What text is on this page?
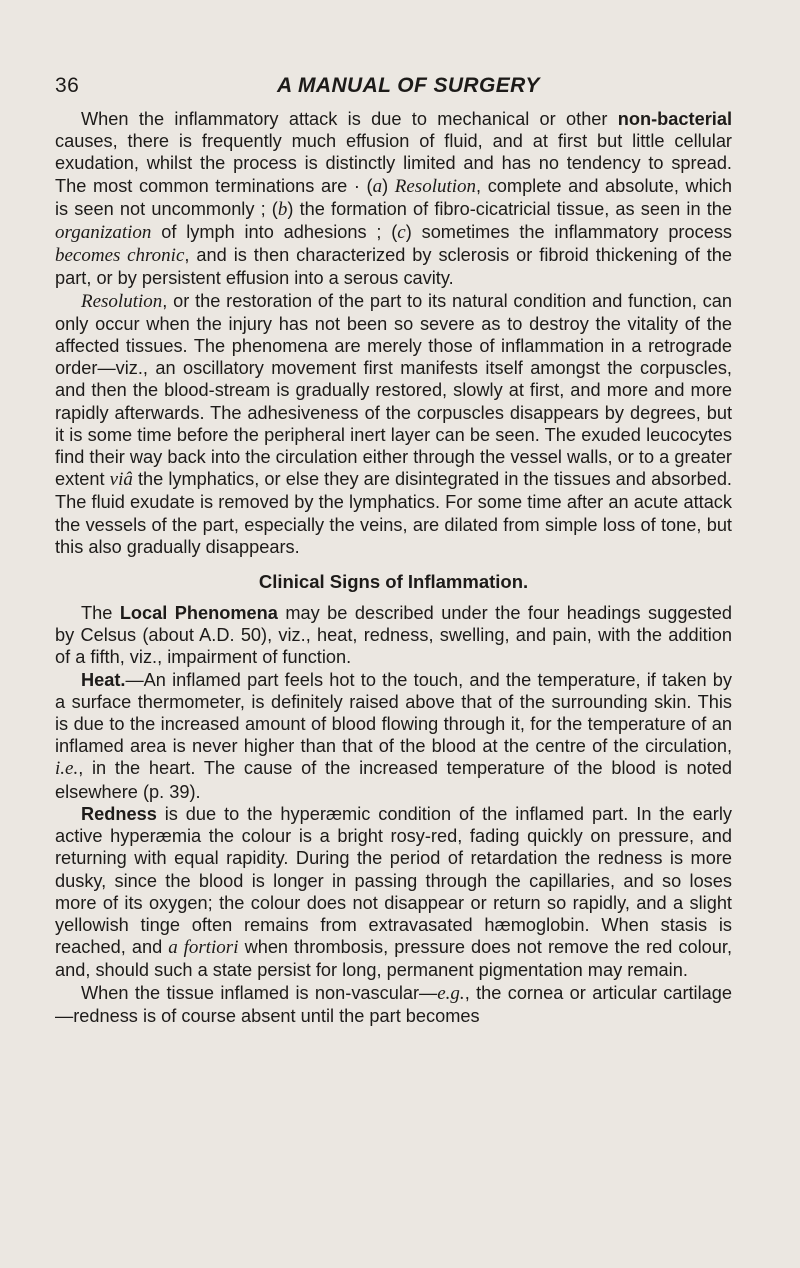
36	A MANUAL OF SURGERY

When the inflammatory attack is due to mechanical or other non-bacterial causes, there is frequently much effusion of fluid, and at first but little cellular exudation, whilst the process is distinctly limited and has no tendency to spread. The most common terminations are · (a) Resolution, complete and absolute, which is seen not uncommonly ; (b) the formation of fibro-cicatricial tissue, as seen in the organization of lymph into adhesions ; (c) sometimes the inflammatory process becomes chronic, and is then characterized by sclerosis or fibroid thickening of the part, or by persistent effusion into a serous cavity.

Resolution, or the restoration of the part to its natural condition and function, can only occur when the injury has not been so severe as to destroy the vitality of the affected tissues. The phenomena are merely those of inflammation in a retrograde order—viz., an oscillatory movement first manifests itself amongst the corpuscles, and then the blood-stream is gradually restored, slowly at first, and more and more rapidly afterwards. The adhesiveness of the corpuscles disappears by degrees, but it is some time before the peripheral inert layer can be seen. The exuded leucocytes find their way back into the circulation either through the vessel walls, or to a greater extent viâ the lymphatics, or else they are disintegrated in the tissues and absorbed. The fluid exudate is removed by the lymphatics. For some time after an acute attack the vessels of the part, especially the veins, are dilated from simple loss of tone, but this also gradually disappears.

Clinical Signs of Inflammation.

The Local Phenomena may be described under the four headings suggested by Celsus (about A.D. 50), viz., heat, redness, swelling, and pain, with the addition of a fifth, viz., impairment of function.

Heat.—An inflamed part feels hot to the touch, and the temperature, if taken by a surface thermometer, is definitely raised above that of the surrounding skin. This is due to the increased amount of blood flowing through it, for the temperature of an inflamed area is never higher than that of the blood at the centre of the circulation, i.e., in the heart. The cause of the increased temperature of the blood is noted elsewhere (p. 39).

Redness is due to the hyperæmic condition of the inflamed part. In the early active hyperæmia the colour is a bright rosy-red, fading quickly on pressure, and returning with equal rapidity. During the period of retardation the redness is more dusky, since the blood is longer in passing through the capillaries, and so loses more of its oxygen; the colour does not disappear or return so rapidly, and a slight yellowish tinge often remains from extravasated hæmoglobin. When stasis is reached, and a fortiori when thrombosis, pressure does not remove the red colour, and, should such a state persist for long, permanent pigmentation may remain.

When the tissue inflamed is non-vascular—e.g., the cornea or articular cartilage—redness is of course absent until the part becomes
